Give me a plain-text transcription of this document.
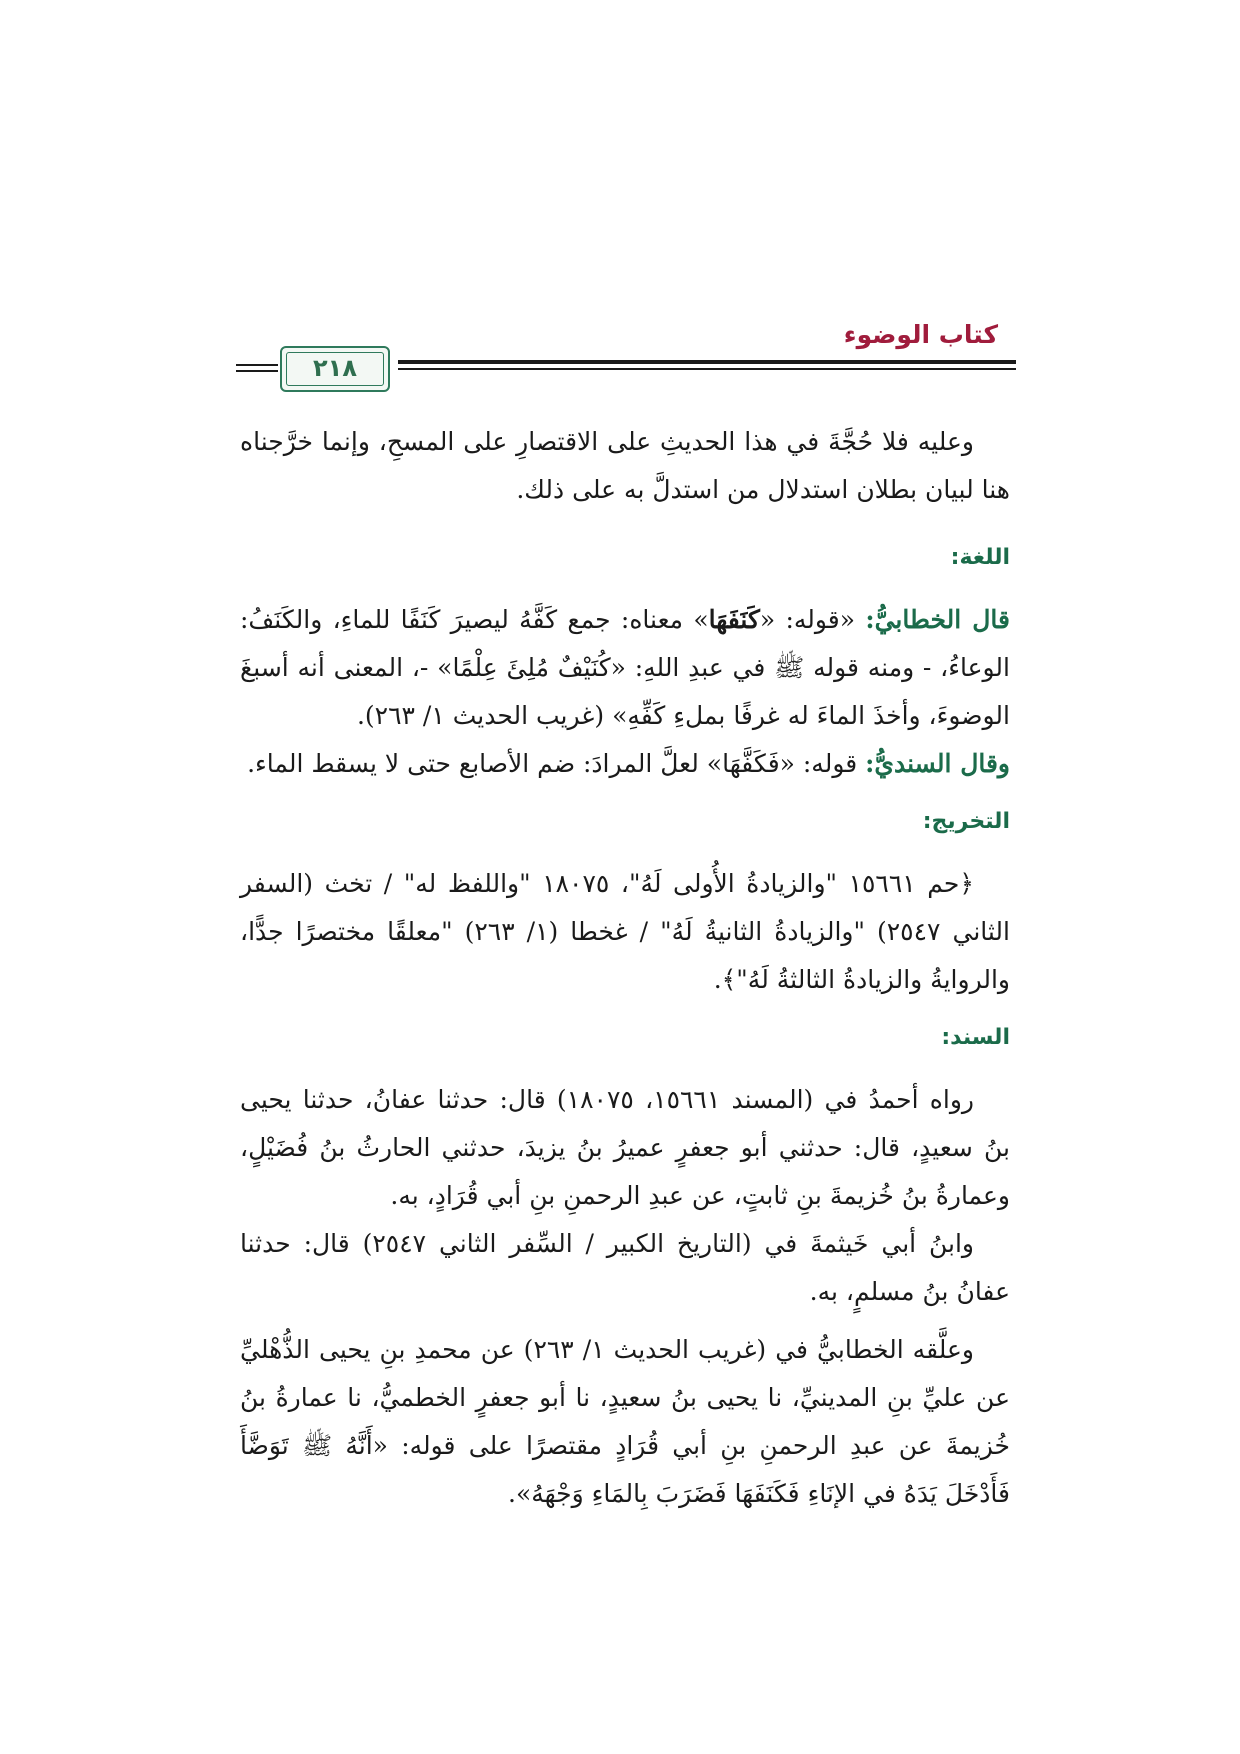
كتاب الوضوء
٢١٨

وعليه فلا حُجَّةَ في هذا الحديثِ على الاقتصارِ على المسحِ، وإنما خرَّجناه هنا لبيان بطلان استدلال من استدلَّ به على ذلك.

اللغة:

قال الخطابيُّ: «قوله: «كَنَفَهَا» معناه: جمع كَفَّهُ ليصيرَ كَنَفًا للماءِ، والكَنَفُ: الوعاءُ، - ومنه قوله ﷺ في عبدِ اللهِ: «كُنَيْفٌ مُلِئَ عِلْمًا» -، المعنى أنه أسبغَ الوضوءَ، وأخذَ الماءَ له غرفًا بملءِ كَفِّهِ» (غريب الحديث ١/ ٢٦٣).

وقال السنديُّ: قوله: «فَكَفَّهَا» لعلَّ المرادَ: ضم الأصابع حتى لا يسقط الماء.

التخريج:

﴿حم ١٥٦٦١ "والزيادةُ الأُولى لَهُ"، ١٨٠٧٥ "واللفظ له" / تخث (السفر الثاني ٢٥٤٧) "والزيادةُ الثانيةُ لَهُ" / غخطا (١/ ٢٦٣) "معلقًا مختصرًا جدًّا، والروايةُ والزيادةُ الثالثةُ لَهُ"﴾.

السند:

رواه أحمدُ في (المسند ١٥٦٦١، ١٨٠٧٥) قال: حدثنا عفانُ، حدثنا يحيى بنُ سعيدٍ، قال: حدثني أبو جعفرٍ عميرُ بنُ يزيدَ، حدثني الحارثُ بنُ فُضَيْلٍ، وعمارةُ بنُ خُزيمةَ بنِ ثابتٍ، عن عبدِ الرحمنِ بنِ أبي قُرَادٍ، به.

وابنُ أبي خَيثمةَ في (التاريخ الكبير / السِّفر الثاني ٢٥٤٧) قال: حدثنا عفانُ بنُ مسلمٍ، به.

وعلَّقه الخطابيُّ في (غريب الحديث ١/ ٢٦٣) عن محمدِ بنِ يحيى الذُّهْليِّ عن عليِّ بنِ المدينيِّ، نا يحيى بنُ سعيدٍ، نا أبو جعفرٍ الخطميُّ، نا عمارةُ بنُ خُزيمةَ عن عبدِ الرحمنِ بنِ أبي قُرَادٍ مقتصرًا على قوله: «أَنَّهُ ﷺ تَوَضَّأَ فَأَدْخَلَ يَدَهُ في الإنَاءِ فَكَنَفَهَا فَضَرَبَ بِالمَاءِ وَجْهَهُ».
